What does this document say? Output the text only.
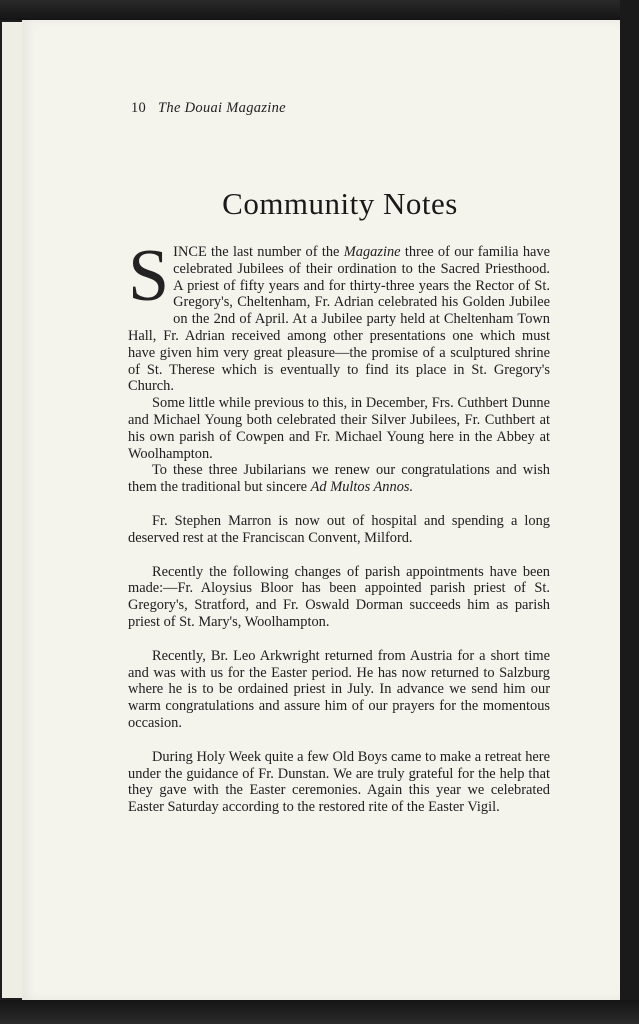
10 The Douai Magazine
Community Notes

SINCE the last number of the Magazine three of our familia have celebrated Jubilees of their ordination to the Sacred Priesthood. A priest of fifty years and for thirty-three years the Rector of St. Gregory's, Cheltenham, Fr. Adrian celebrated his Golden Jubilee on the 2nd of April. At a Jubilee party held at Cheltenham Town Hall, Fr. Adrian received among other presentations one which must have given him very great pleasure—the promise of a sculptured shrine of St. Therese which is eventually to find its place in St. Gregory's Church.

Some little while previous to this, in December, Frs. Cuthbert Dunne and Michael Young both celebrated their Silver Jubilees, Fr. Cuthbert at his own parish of Cowpen and Fr. Michael Young here in the Abbey at Woolhampton.

To these three Jubilarians we renew our congratulations and wish them the traditional but sincere Ad Multos Annos.

Fr. Stephen Marron is now out of hospital and spending a long deserved rest at the Franciscan Convent, Milford.

Recently the following changes of parish appointments have been made:—Fr. Aloysius Bloor has been appointed parish priest of St. Gregory's, Stratford, and Fr. Oswald Dorman succeeds him as parish priest of St. Mary's, Woolhampton.

Recently, Br. Leo Arkwright returned from Austria for a short time and was with us for the Easter period. He has now returned to Salzburg where he is to be ordained priest in July. In advance we send him our warm congratulations and assure him of our prayers for the momentous occasion.

During Holy Week quite a few Old Boys came to make a retreat here under the guidance of Fr. Dunstan. We are truly grateful for the help that they gave with the Easter ceremonies. Again this year we celebrated Easter Saturday according to the restored rite of the Easter Vigil.
